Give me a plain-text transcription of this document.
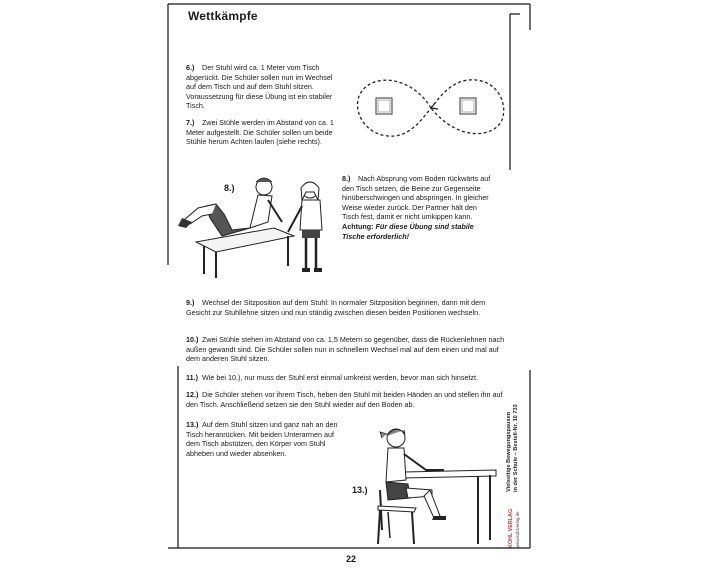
Wettkämpfe
6.) Der Stuhl wird ca. 1 Meter vom Tisch abgerückt. Die Schüler sollen nun im Wechsel auf dem Tisch und auf dem Stuhl sitzen. Voraussetzung für diese Übung ist ein stabiler Tisch.
7.) Zwei Stühle werden im Abstand von ca. 1 Meter aufgestellt. Die Schüler sollen um beide Stühle herum Achten laufen (siehe rechts).
8.)
8.) Nach Absprung vom Boden rückwärts auf den Tisch setzen, die Beine zur Gegenseite hinüberschwingen und abspringen. In gleicher Weise wieder zurück. Der Partner hält den Tisch fest, damit er nicht umkippen kann. Achtung: Für diese Übung sind stabile Tische erforderlich!
9.) Wechsel der Sitzposition auf dem Stuhl: In normaler Sitzposition beginnen, dann mit dem Gesicht zur Stuhllehne sitzen und nun ständig zwischen diesen beiden Positionen wechseln.
10.) Zwei Stühle stehen im Abstand von ca. 1,5 Metern so gegenüber, dass die Rückenlehnen nach außen gewandt sind. Die Schüler sollen nun in schnellem Wechsel mal auf dem einen und mal auf dem anderen Stuhl sitzen.
11.) Wie bei 10.), nur muss der Stuhl erst einmal umkreist werden, bevor man sich hinsetzt.
12.) Die Schüler stehen vor ihrem Tisch, heben den Stuhl mit beiden Händen an und stellen ihn auf den Tisch. Anschließend setzen sie den Stuhl wieder auf den Boden ab.
13.) Auf dem Stuhl sitzen und ganz nah an den Tisch heranrücken. Mit beiden Unterarmen auf dem Tisch abstützen, den Körper vom Stuhl abheben und wieder absenken.
13.)	Vielseitige Bewegungspausen in der Schule – Bestell-Nr. 10 733
KOHL VERLAG www.kohlverlag.de
22
